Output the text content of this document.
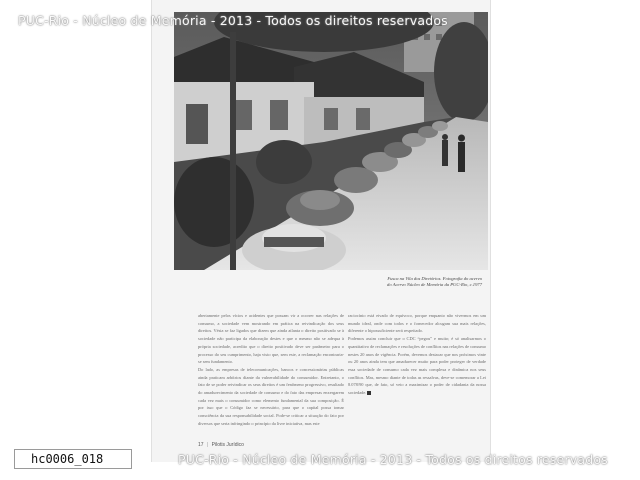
Fusca na Vila dos Diretórios. Fotografia do acervo
do Acervo Núcleo de Memória da PUC-Rio, c.1977

abertamente pelos vícios e acidentes que possam vir a ocorrer nas relações de consumo, a sociedade vem mostrando em prática na reivindicação dos seus direitos. Vésia se faz ligados que dizem que ainda atlanta o direito positivado se à sociedade não participa da elaboração destes e que o mesmo não se adequa à própria sociedade, acredito que o direito positivado deve ser parâmetro para o processo do seu cumprimento, haja visto que, sem este, a reclamação encontraria-se sem fundamento.

Do lado, as empresas de telecomunicações, bancos e concessionárias públicas ainda praticam arbítrios diante da vulnerabilidade do consumidor. Entretanto, o fato de se poder reivindicar os seus direitos é um fenômeno progressivo, resultado do amadurecimento da sociedade de consumo e do fato das empresas enxergarem cada vez mais o consumidor como elemento fundamental da sua composição. É por isso que o Código faz se necessário, para que o capital possa tomar consciência da sua responsabilidade social. Pode-se criticar a situação do fato por diversos que seria infringindo o princípio da livre iniciativa, mas este

raciocínio está eivado de equívoco, porque enquanto não vivermos em um mundo ideal, onde com todos e o fornecedor alcugam sua mais relações, diferente o hipossuficiente será respeitado.

Podemos assim concluir que o CDC “pegou” e muito; é só analisarmos o quantitativo de reclamações e resoluções de conflitos nas relações de consumo nestes 20 anos de vigência. Porém, devemos destacar que nos próximos vinte ou 20 anos ainda tem que amadurecer muito para poder proteger de verdade essa sociedade de consumo cada vez mais complexa e dinâmica nos seus conflitos. Mas, mesmo diante de todas as ressalvas, deve-se comemorar a Lei 8.078/90 que, de fato, só veio a maximizar o poder de cidadania da nossa sociedade.

17 | Pilotis Jurídico
PUC-Rio - Núcleo de Memória - 2013 - Todos os direitos reservados
PUC-Rio - Núcleo de Memória - 2013 - Todos os direitos reservados
hc0006_018
